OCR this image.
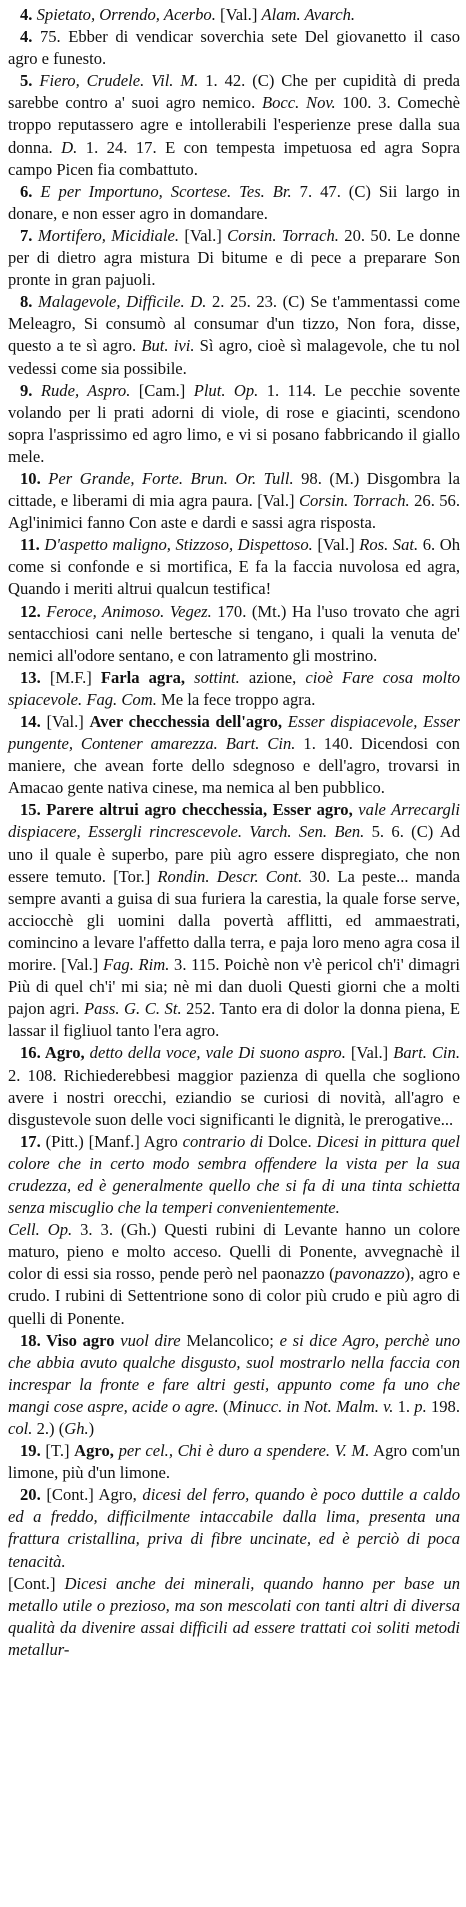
4. Spietato, Orrendo, Acerbo. [Val.] Alam. Avarch.

4. 75. Ebber di vendicar soverchia sete Del giovanetto il caso agro e funesto.

5. Fiero, Crudele. Vil. M. 1. 42. (C) Che per cupidità di preda sarebbe contro a' suoi agro nemico. Bocc. Nov. 100. 3. Comechè troppo reputassero agre e intollerabili l'esperienze prese dalla sua donna. D. 1. 24. 17. E con tempesta impetuosa ed agra Sopra campo Picen fia combattuto.

6. E per Importuno, Scortese. Tes. Br. 7. 47. (C) Sii largo in donare, e non esser agro in domandare.

7. Mortifero, Micidiale. [Val.] Corsin. Torrach. 20. 50. Le donne per di dietro agra mistura Di bitume e di pece a preparare Son pronte in gran pajuoli.

8. Malagevole, Difficile. D. 2. 25. 23. (C) Se t'ammentassi come Meleagro, Si consumò al consumar d'un tizzo, Non fora, disse, questo a te sì agro. But. ivi. Sì agro, cioè sì malagevole, che tu nol vedessi come sia possibile.

9. Rude, Aspro. [Cam.] Plut. Op. 1. 114. Le pecchie sovente volando per li prati adorni di viole, di rose e giacinti, scendono sopra l'asprissimo ed agro limo, e vi si posano fabbricando il giallo mele.

10. Per Grande, Forte. Brun. Or. Tull. 98. (M.) Disgombra la cittade, e liberami di mia agra paura. [Val.] Corsin. Torrach. 26. 56. Agl'inimici fanno Con aste e dardi e sassi agra risposta.

11. D'aspetto maligno, Stizzoso, Dispettoso. [Val.] Ros. Sat. 6. Oh come si confonde e si mortifica, E fa la faccia nuvolosa ed agra, Quando i meriti altrui qualcun testifica!

12. Feroce, Animoso. Vegez. 170. (Mt.) Ha l'uso trovato che agri sentacchiosi cani nelle bertesche si tengano, i quali la venuta de' nemici all'odore sentano, e con latramento gli mostrino.

13. [M.F.] Farla agra, sottint. azione, cioè Fare cosa molto spiacevole. Fag. Com. Me la fece troppo agra.

14. [Val.] Aver checchessia dell'agro, Esser dispiacevole, Esser pungente, Contener amarezza. Bart. Cin. 1. 140. Dicendosi con maniere, che avean forte dello sdegnoso e dell'agro, trovarsi in Amacao gente nativa cinese, ma nemica al ben pubblico.

15. Parere altrui agro checchessia, Esser agro, vale Arrecargli dispiacere, Essergli rincrescevole. Varch. Sen. Ben. 5. 6. (C) Ad uno il quale è superbo, pare più agro essere dispregiato, che non essere temuto. [Tor.] Rondin. Descr. Cont. 30. La peste... manda sempre avanti a guisa di sua furiera la carestia, la quale forse serve, acciocchè gli uomini dalla povertà afflitti, ed ammaestrati, comincino a levare l'affetto dalla terra, e paja loro meno agra cosa il morire. [Val.] Fag. Rim. 3. 115. Poichè non v'è pericol ch'i' dimagri Più di quel ch'i' mi sia; nè mi dan duoli Questi giorni che a molti pajon agri. Pass. G. C. St. 252. Tanto era di dolor la donna piena, E lassar il figliuol tanto l'era agro.

16. Agro, detto della voce, vale Di suono aspro. [Val.] Bart. Cin. 2. 108. Richiederebbesi maggior pazienza di quella che sogliono avere i nostri orecchi, eziandio se curiosi di novità, all'agro e disgustevole suon delle voci significanti le dignità, le prerogative...

17. (Pitt.) [Manf.] Agro contrario di Dolce. Dicesi in pittura quel colore che in certo modo sembra offendere la vista per la sua crudezza, ed è generalmente quello che si fa di una tinta schietta senza miscuglio che la temperi convenientemente.

Cell. Op. 3. 3. (Gh.) Questi rubini di Levante hanno un colore maturo, pieno e molto acceso. Quelli di Ponente, avvegnachè il color di essi sia rosso, pende però nel paonazzo (pavonazzo), agro e crudo. I rubini di Settentrione sono di color più crudo e più agro di quelli di Ponente.

18. Viso agro vuol dire Melancolico; e si dice Agro, perchè uno che abbia avuto qualche disgusto, suol mostrarlo nella faccia con increspar la fronte e fare altri gesti, appunto come fa uno che mangi cose aspre, acide o agre. (Minucc. in Not. Malm. v. 1. p. 198. col. 2.) (Gh.)

19. [T.] Agro, per cel., Chi è duro a spendere. V. M. Agro com'un limone, più d'un limone.

20. [Cont.] Agro, dicesi del ferro, quando è poco duttile a caldo ed a freddo, difficilmente intaccabile dalla lima, presenta una frattura cristallina, priva di fibre uncinate, ed è perciò di poca tenacità.

[Cont.] Dicesi anche dei minerali, quando hanno per base un metallo utile o prezioso, ma son mescolati con tanti altri di diversa qualità da divenire assai difficili ad essere trattati coi soliti metodi metallur-
